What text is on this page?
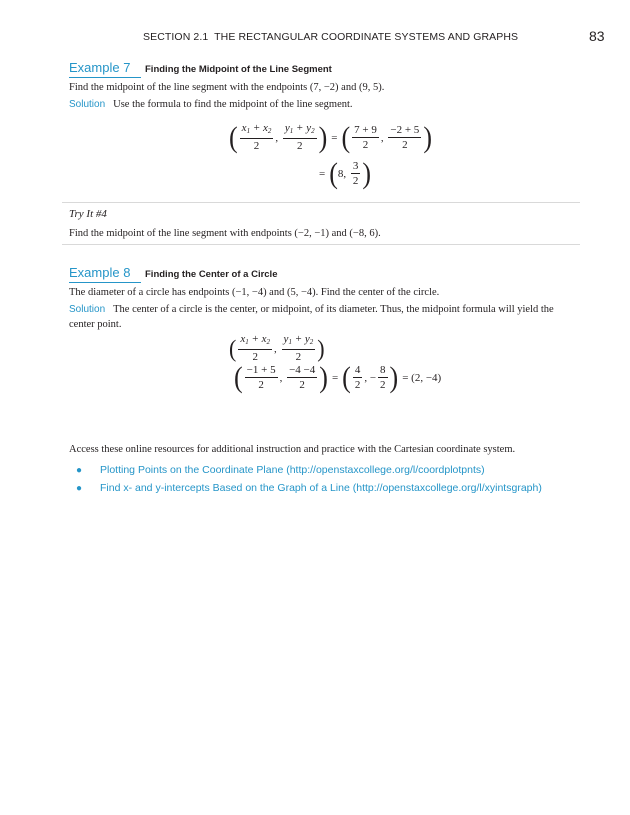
SECTION 2.1 THE RECTANGULAR COORDINATE SYSTEMS AND GRAPHS	83
Example 7	Finding the Midpoint of the Line Segment
Find the midpoint of the line segment with the endpoints (7, −2) and (9, 5).
Solution Use the formula to find the midpoint of the line segment.
( $\frac{x_1 + x_2}{2}$ , $\frac{y_1 + y_2}{2}$ ) = ( $\frac{7 + 9}{2}$ , $\frac{-2 + 5}{2}$ )
= ( 8,
$\frac{3}{2}$ )
Try It #4
Find the midpoint of the line segment with endpoints (−2, −1) and (−8, 6).
Example 8	Finding the Center of a Circle
The diameter of a circle has endpoints (−1, −4) and (5, −4). Find the center of the circle.
Solution The center of a circle is the center, or midpoint, of its diameter. Thus, the midpoint formula will yield the center point.
( $\frac{x_1 + x_2}{2}$ , $\frac{y_1 + y_2}{2}$ )
( $\frac{-1 + 5}{2}$ , $\frac{-4 -4}{2}$ ) = ( $\frac{4}{2}$ , − $\frac{8}{2}$ ) = (2, −4)
Access these online resources for additional instruction and practice with the Cartesian coordinate system.
●	Plotting Points on the Coordinate Plane (http://openstaxcollege.org/l/coordplotpnts)
●	Find x- and y-intercepts Based on the Graph of a Line (http://openstaxcollege.org/l/xyintsgraph)
